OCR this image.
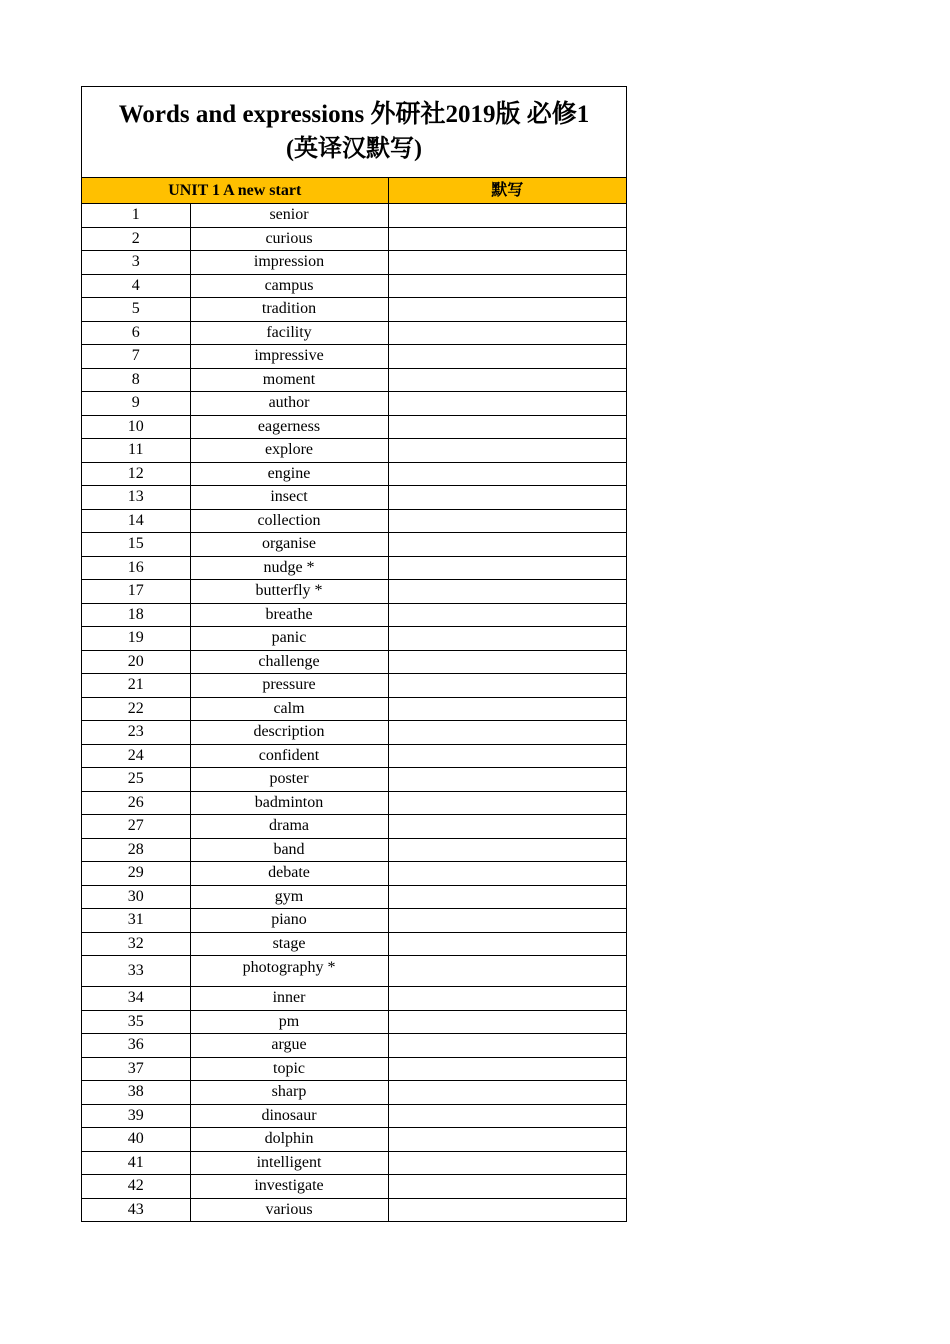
Words and expressions 外研社2019版 必修1
(英译汉默写)
UNIT 1 A new start		默写
1	senior	
2	curious	
3	impression	
4	campus	
5	tradition	
6	facility	
7	impressive	
8	moment	
9	author	
10	eagerness	
11	explore	
12	engine	
13	insect	
14	collection	
15	organise	
16	nudge *	
17	butterfly *	
18	breathe	
19	panic	
20	challenge	
21	pressure	
22	calm	
23	description	
24	confident	
25	poster	
26	badminton	
27	drama	
28	band	
29	debate	
30	gym	
31	piano	
32	stage	
33	photography *	
34	inner	
35	pm	
36	argue	
37	topic	
38	sharp	
39	dinosaur	
40	dolphin	
41	intelligent	
42	investigate	
43	various	
